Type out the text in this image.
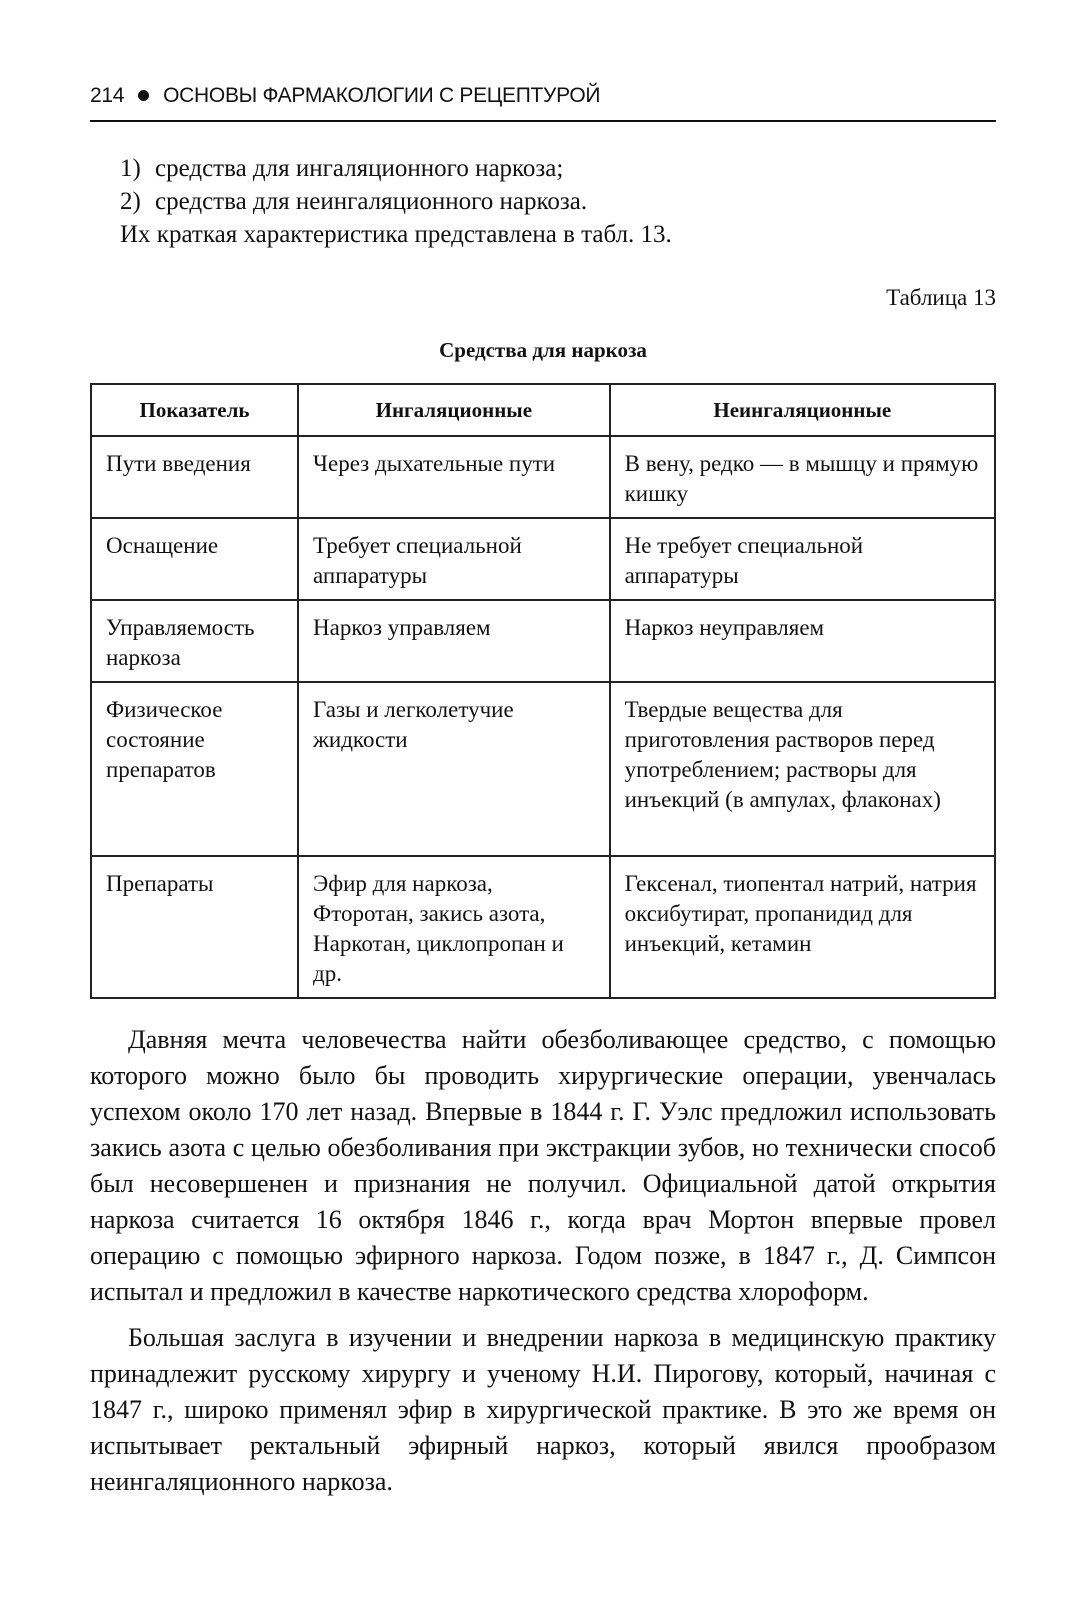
214 ОСНОВЫ ФАРМАКОЛОГИИ С РЕЦЕПТУРОЙ
1) средства для ингаляционного наркоза;
2) средства для неингаляционного наркоза.
Их краткая характеристика представлена в табл. 13.
Таблица 13
Средства для наркоза
Показатель	Ингаляционные	Неингаляционные
Пути введения	Через дыхательные пути	В вену, редко — в мышцу и прямую кишку
Оснащение	Требует специальной аппаратуры	Не требует специальной аппаратуры
Управляемость наркоза	Наркоз управляем	Наркоз неуправляем
Физическое состояние препаратов	Газы и легколетучие жидкости	Твердые вещества для приготовления растворов перед употреблением; растворы для инъекций (в ампулах, флаконах)
Препараты	Эфир для наркоза, Фторотан, закись азота, Наркотан, циклопропан и др.	Гексенал, тиопентал натрий, натрия оксибутират, пропанидид для инъекций, кетамин

Давняя мечта человечества найти обезболивающее средство, с помощью которого можно было бы проводить хирургические операции, увенчалась успехом около 170 лет назад. Впервые в 1844 г. Г. Уэлс предложил использовать закись азота с целью обезболивания при экстракции зубов, но технически способ был несовершенен и признания не получил. Официальной датой открытия наркоза считается 16 октября 1846 г., когда врач Мортон впервые провел операцию с помощью эфирного наркоза. Годом позже, в 1847 г., Д. Симпсон испытал и предложил в качестве наркотического средства хлороформ.

Большая заслуга в изучении и внедрении наркоза в медицинскую практику принадлежит русскому хирургу и ученому Н.И. Пирогову, который, начиная с 1847 г., широко применял эфир в хирургической практике. В это же время он испытывает ректальный эфирный наркоз, который явился прообразом неингаляционного наркоза.
